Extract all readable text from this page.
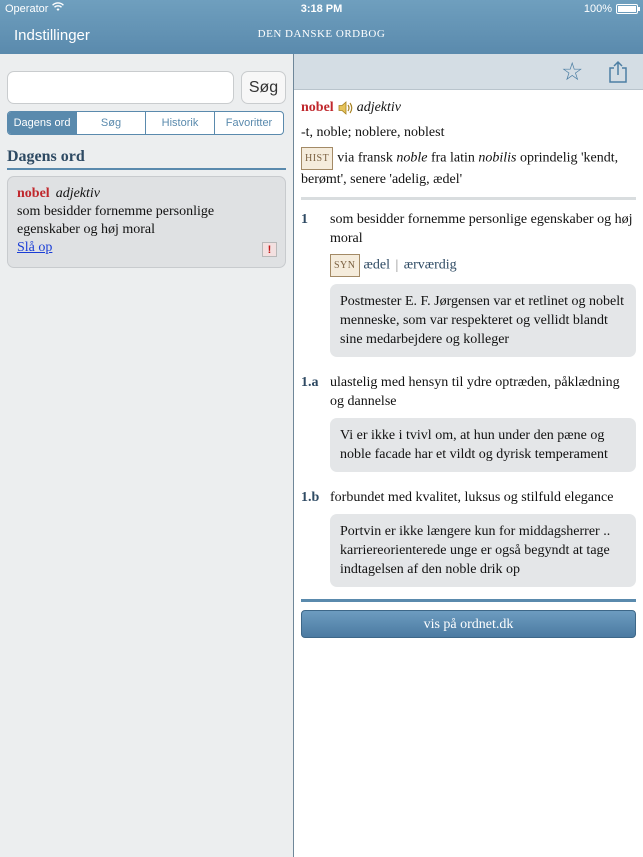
Operator	3:18 PM	100%
Indstillinger	DEN DANSKE ORDBOG
Søg
Dagens ord	Søg	Historik	Favoritter
Dagens ord
nobel adjektiv
som besidder fornemme personlige egenskaber og høj moral
Slå op	!
☆
nobel adjektiv
-t, noble; noblere, noblest
HIST via fransk noble fra latin nobilis oprindelig 'kendt, berømt', senere 'adelig, ædel'
1	som besidder fornemme personlige egenskaber og høj moral
SYN ædel | ærværdig
Postmester E. F. Jørgensen var et retlinet og nobelt menneske, som var respekteret og vellidt blandt sine medarbejdere og kolleger
1.a ulastelig med hensyn til ydre optræden, påklædning og dannelse
Vi er ikke i tvivl om, at hun under den pæne og noble facade har et vildt og dyrisk temperament
1.b forbundet med kvalitet, luksus og stilfuld elegance
Portvin er ikke længere kun for middagsherrer .. karriereorienterede unge er også begyndt at tage indtagelsen af den noble drik op
vis på ordnet.dk
